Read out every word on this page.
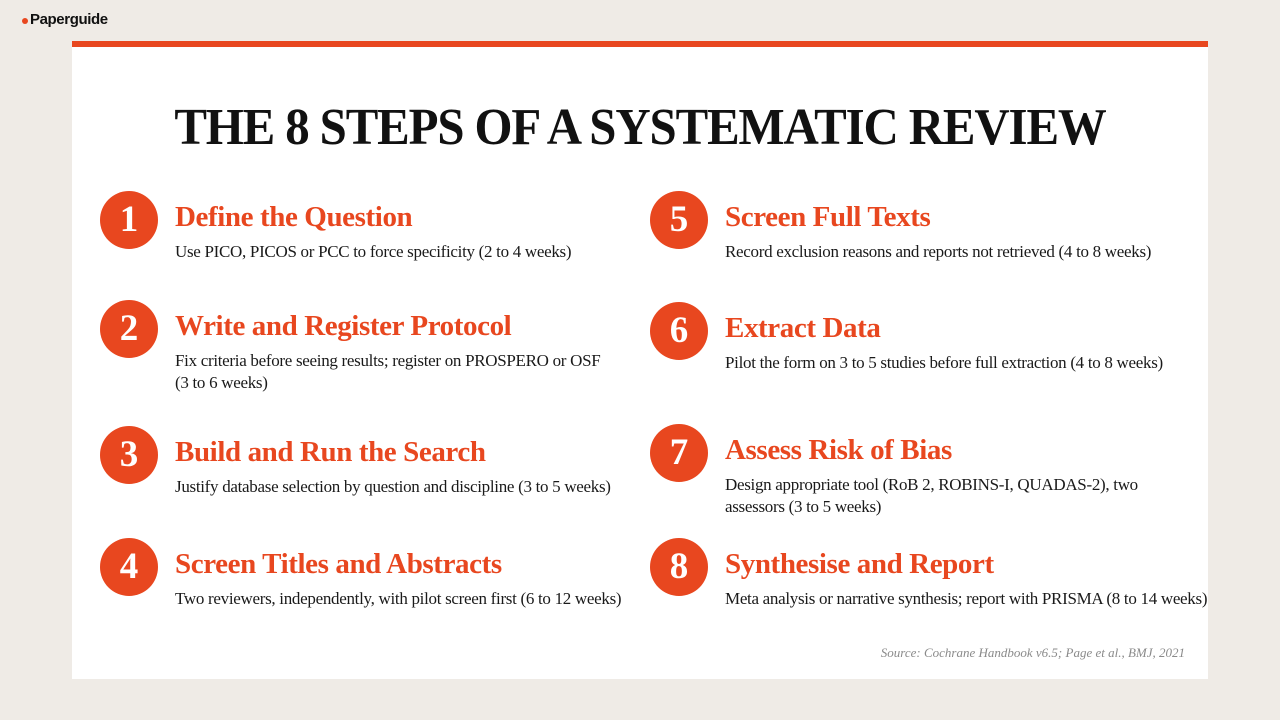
Paperguide
THE 8 STEPS OF A SYSTEMATIC REVIEW
1	Define the Question
Use PICO, PICOS or PCC to force specificity (2 to 4 weeks)
2	Write and Register Protocol
Fix criteria before seeing results; register on PROSPERO or OSF (3 to 6 weeks)
3	Build and Run the Search
Justify database selection by question and discipline (3 to 5 weeks)
4	Screen Titles and Abstracts
Two reviewers, independently, with pilot screen first (6 to 12 weeks)
5	Screen Full Texts
Record exclusion reasons and reports not retrieved (4 to 8 weeks)
6	Extract Data
Pilot the form on 3 to 5 studies before full extraction (4 to 8 weeks)
7	Assess Risk of Bias
Design appropriate tool (RoB 2, ROBINS-I, QUADAS-2), two assessors (3 to 5 weeks)
8	Synthesise and Report
Meta analysis or narrative synthesis; report with PRISMA (8 to 14 weeks)
Source: Cochrane Handbook v6.5; Page et al., BMJ, 2021
